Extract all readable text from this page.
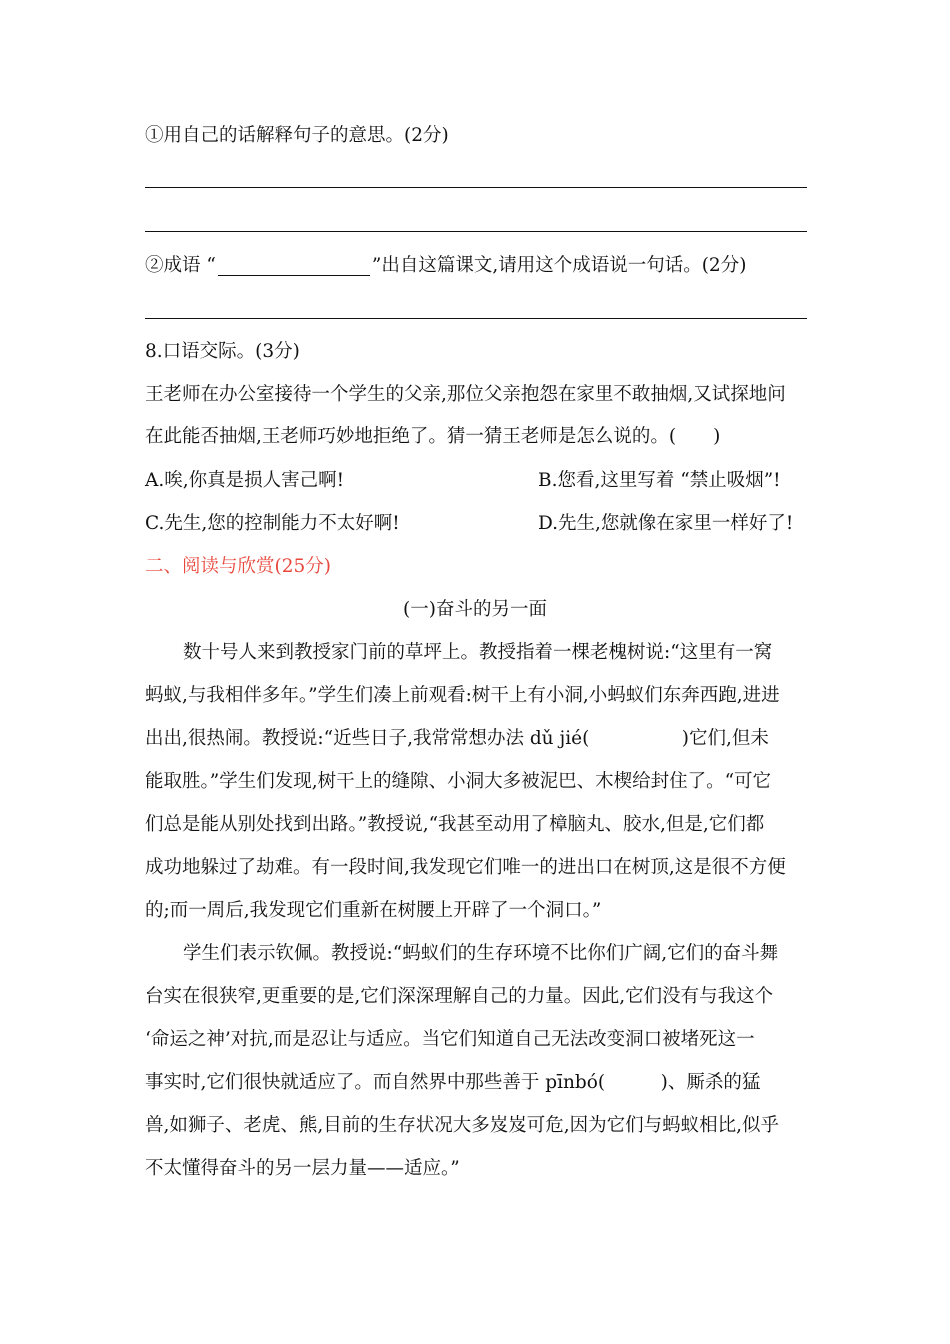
①用自己的话解释句子的意思。(2分)
②成语 “	”出自这篇课文,请用这个成语说一句话。(2分)
8.口语交际。(3分)
王老师在办公室接待一个学生的父亲,那位父亲抱怨在家里不敢抽烟,又试探地问
在此能否抽烟,王老师巧妙地拒绝了。猜一猜王老师是怎么说的。(　　)
A.唉,你真是损人害己啊!	B.您看,这里写着 “禁止吸烟”!
C.先生,您的控制能力不太好啊!	D.先生,您就像在家里一样好了!
二、阅读与欣赏(25分)
(一)奋斗的另一面
数十号人来到教授家门前的草坪上。教授指着一棵老槐树说:“这里有一窝
蚂蚁,与我相伴多年。”学生们凑上前观看:树干上有小洞,小蚂蚁们东奔西跑,进进
出出,很热闹。教授说:“近些日子,我常常想办法 dǔ jié(　　　　　)它们,但未
能取胜。”学生们发现,树干上的缝隙、小洞大多被泥巴、木楔给封住了。“可它
们总是能从别处找到出路。”教授说,“我甚至动用了樟脑丸、胶水,但是,它们都
成功地躲过了劫难。有一段时间,我发现它们唯一的进出口在树顶,这是很不方便
的;而一周后,我发现它们重新在树腰上开辟了一个洞口。”
学生们表示钦佩。教授说:“蚂蚁们的生存环境不比你们广阔,它们的奋斗舞
台实在很狭窄,更重要的是,它们深深理解自己的力量。因此,它们没有与我这个
‘命运之神’对抗,而是忍让与适应。当它们知道自己无法改变洞口被堵死这一
事实时,它们很快就适应了。而自然界中那些善于 pīnbó(　　　)、厮杀的猛
兽,如狮子、老虎、熊,目前的生存状况大多岌岌可危,因为它们与蚂蚁相比,似乎
不太懂得奋斗的另一层力量——适应。”
